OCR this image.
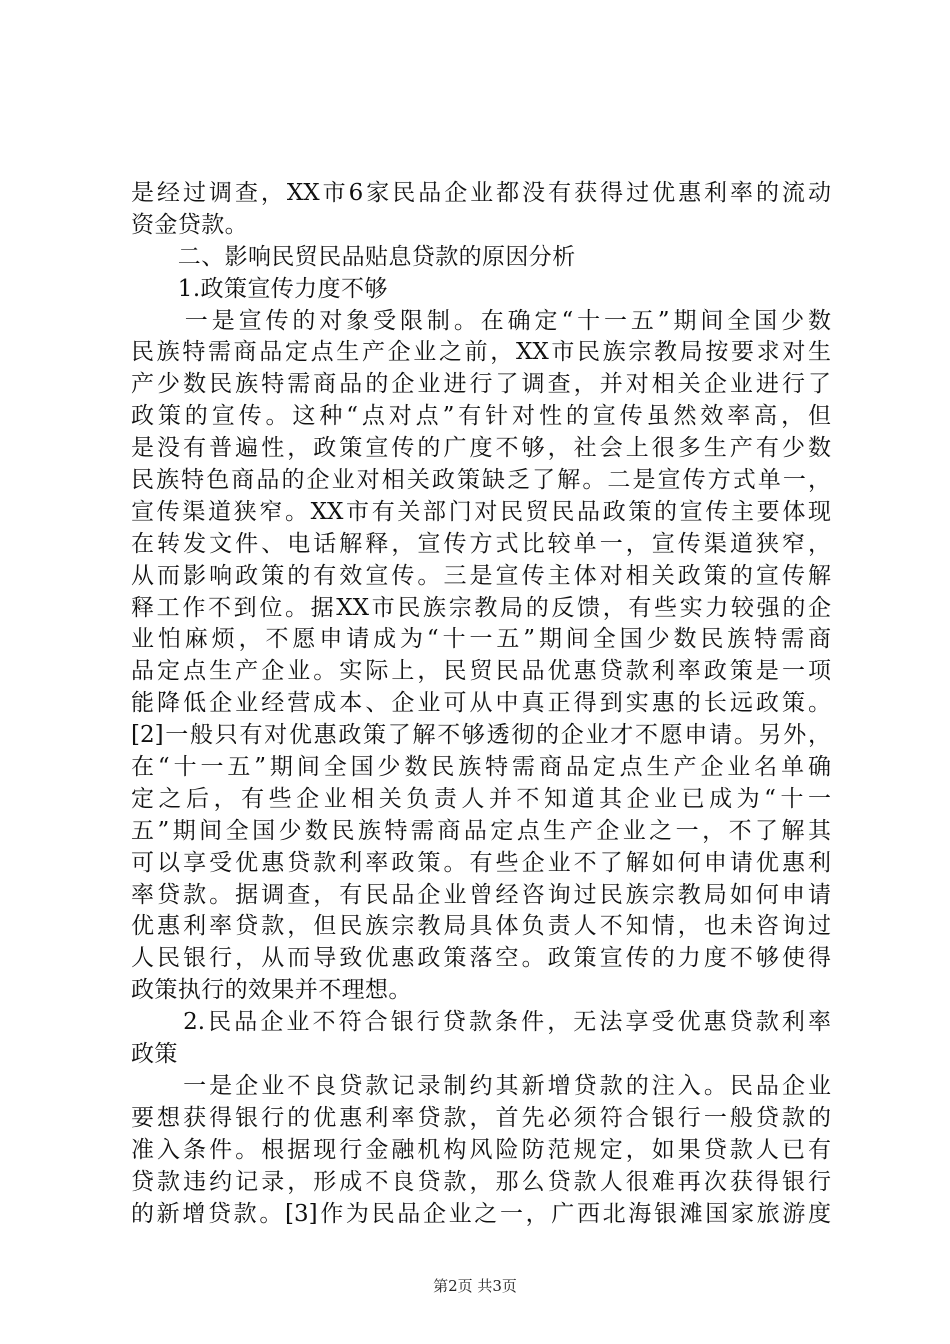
是经过调查，XX市6家民品企业都没有获得过优惠利率的流动
资金贷款。
　　二、影响民贸民品贴息贷款的原因分析
　　1.政策宣传力度不够
　　一是宣传的对象受限制。在确定“十一五”期间全国少数
民族特需商品定点生产企业之前，XX市民族宗教局按要求对生
产少数民族特需商品的企业进行了调查，并对相关企业进行了
政策的宣传。这种“点对点”有针对性的宣传虽然效率高，但
是没有普遍性，政策宣传的广度不够，社会上很多生产有少数
民族特色商品的企业对相关政策缺乏了解。二是宣传方式单一，
宣传渠道狭窄。XX市有关部门对民贸民品政策的宣传主要体现
在转发文件、电话解释，宣传方式比较单一，宣传渠道狭窄，
从而影响政策的有效宣传。三是宣传主体对相关政策的宣传解
释工作不到位。据XX市民族宗教局的反馈，有些实力较强的企
业怕麻烦，不愿申请成为“十一五”期间全国少数民族特需商
品定点生产企业。实际上，民贸民品优惠贷款利率政策是一项
能降低企业经营成本、企业可从中真正得到实惠的长远政策。
[2]一般只有对优惠政策了解不够透彻的企业才不愿申请。另外，
在“十一五”期间全国少数民族特需商品定点生产企业名单确
定之后，有些企业相关负责人并不知道其企业已成为“十一
五”期间全国少数民族特需商品定点生产企业之一，不了解其
可以享受优惠贷款利率政策。有些企业不了解如何申请优惠利
率贷款。据调查，有民品企业曾经咨询过民族宗教局如何申请
优惠利率贷款，但民族宗教局具体负责人不知情，也未咨询过
人民银行，从而导致优惠政策落空。政策宣传的力度不够使得
政策执行的效果并不理想。
　　2.民品企业不符合银行贷款条件，无法享受优惠贷款利率
政策
　　一是企业不良贷款记录制约其新增贷款的注入。民品企业
要想获得银行的优惠利率贷款，首先必须符合银行一般贷款的
准入条件。根据现行金融机构风险防范规定，如果贷款人已有
贷款违约记录，形成不良贷款，那么贷款人很难再次获得银行
的新增贷款。[3]作为民品企业之一，广西北海银滩国家旅游度
第2页 共3页
